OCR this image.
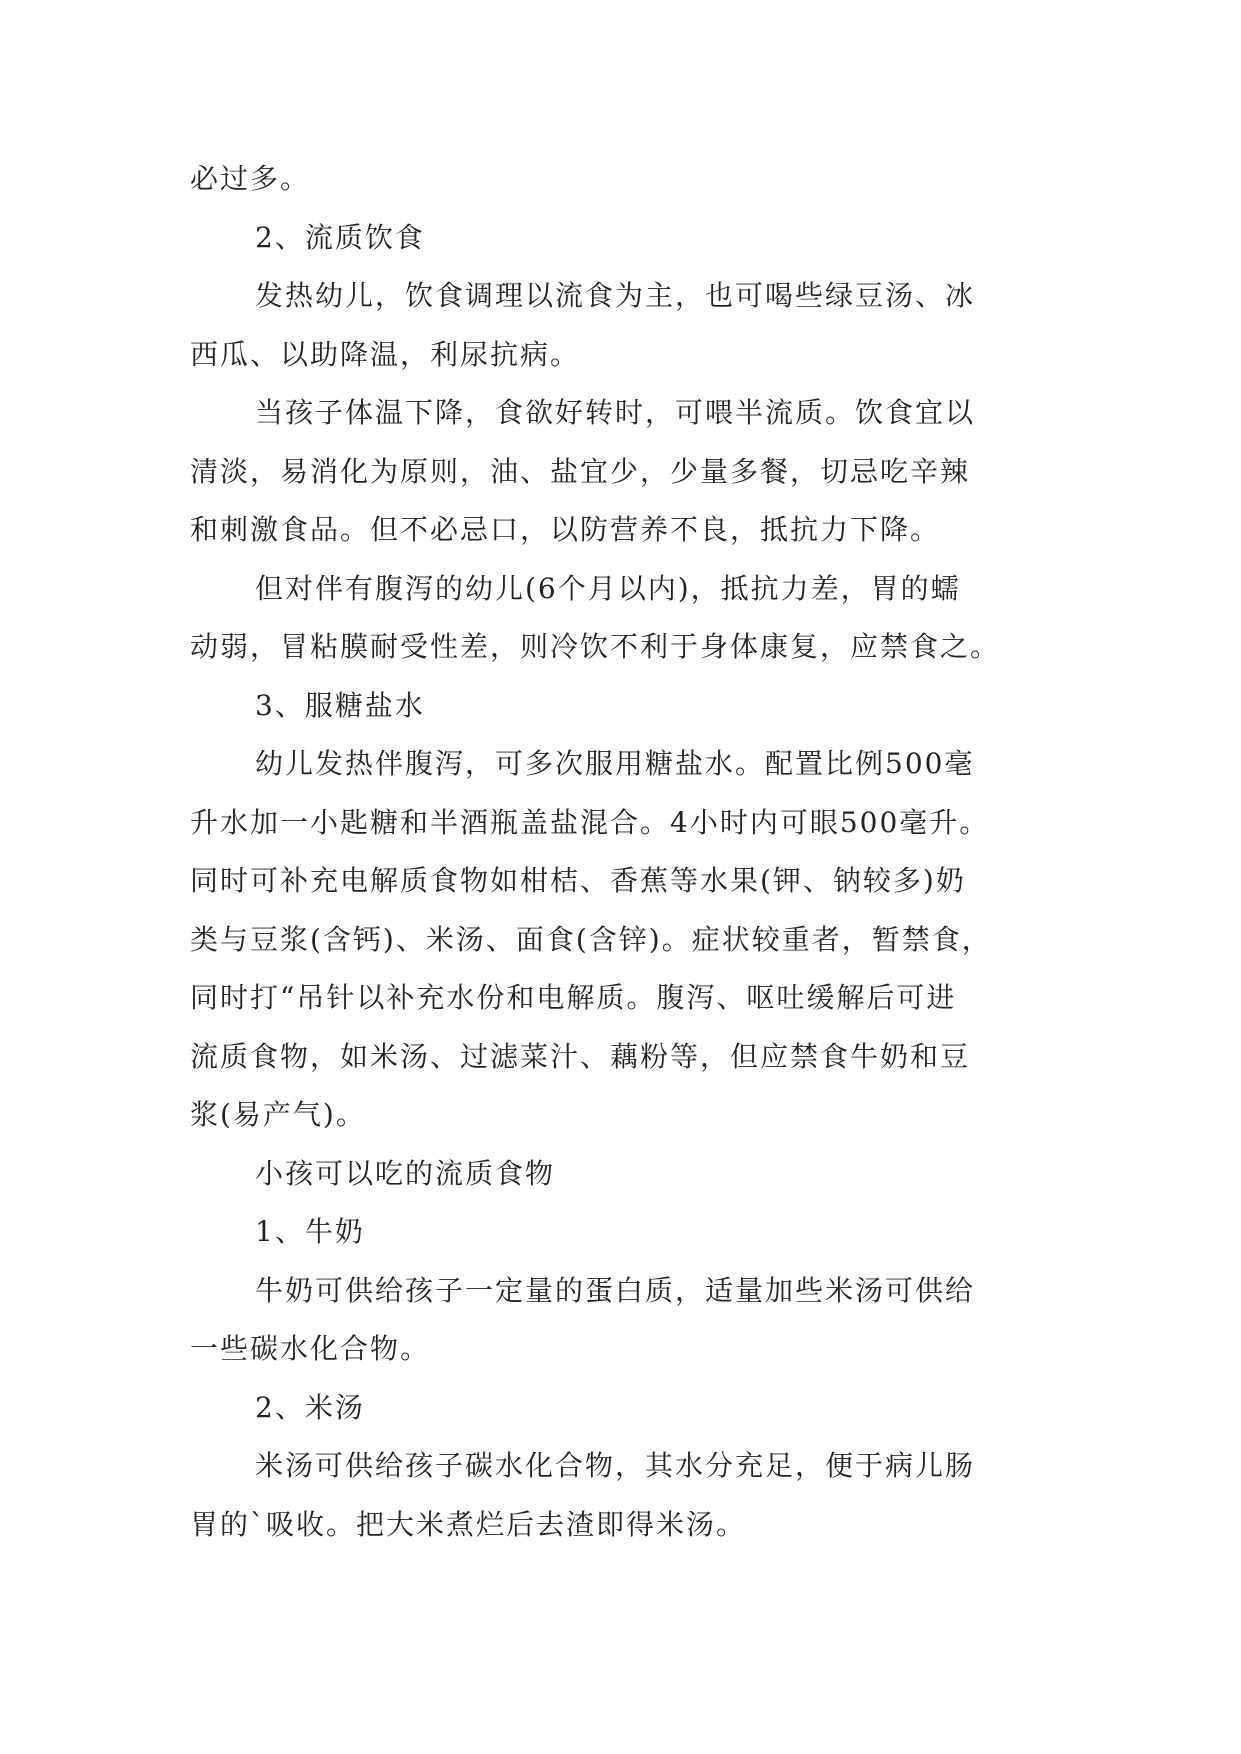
必过多。
2、流质饮食
发热幼儿，饮食调理以流食为主，也可喝些绿豆汤、冰
西瓜、以助降温，利尿抗病。
当孩子体温下降，食欲好转时，可喂半流质。饮食宜以
清淡，易消化为原则，油、盐宜少，少量多餐，切忌吃辛辣
和刺激食品。但不必忌口，以防营养不良，抵抗力下降。
但对伴有腹泻的幼儿(6个月以内)，抵抗力差，胃的蠕
动弱，冒粘膜耐受性差，则冷饮不利于身体康复，应禁食之。
3、服糖盐水
幼儿发热伴腹泻，可多次服用糖盐水。配置比例500毫
升水加一小匙糖和半酒瓶盖盐混合。4小时内可眼500毫升。
同时可补充电解质食物如柑桔、香蕉等水果(钾、钠较多)奶
类与豆浆(含钙)、米汤、面食(含锌)。症状较重者，暂禁食，
同时打“吊针以补充水份和电解质。腹泻、呕吐缓解后可进
流质食物，如米汤、过滤菜汁、藕粉等，但应禁食牛奶和豆
浆(易产气)。
小孩可以吃的流质食物
1、牛奶
牛奶可供给孩子一定量的蛋白质，适量加些米汤可供给
一些碳水化合物。
2、米汤
米汤可供给孩子碳水化合物，其水分充足，便于病儿肠
胃的`吸收。把大米煮烂后去渣即得米汤。
